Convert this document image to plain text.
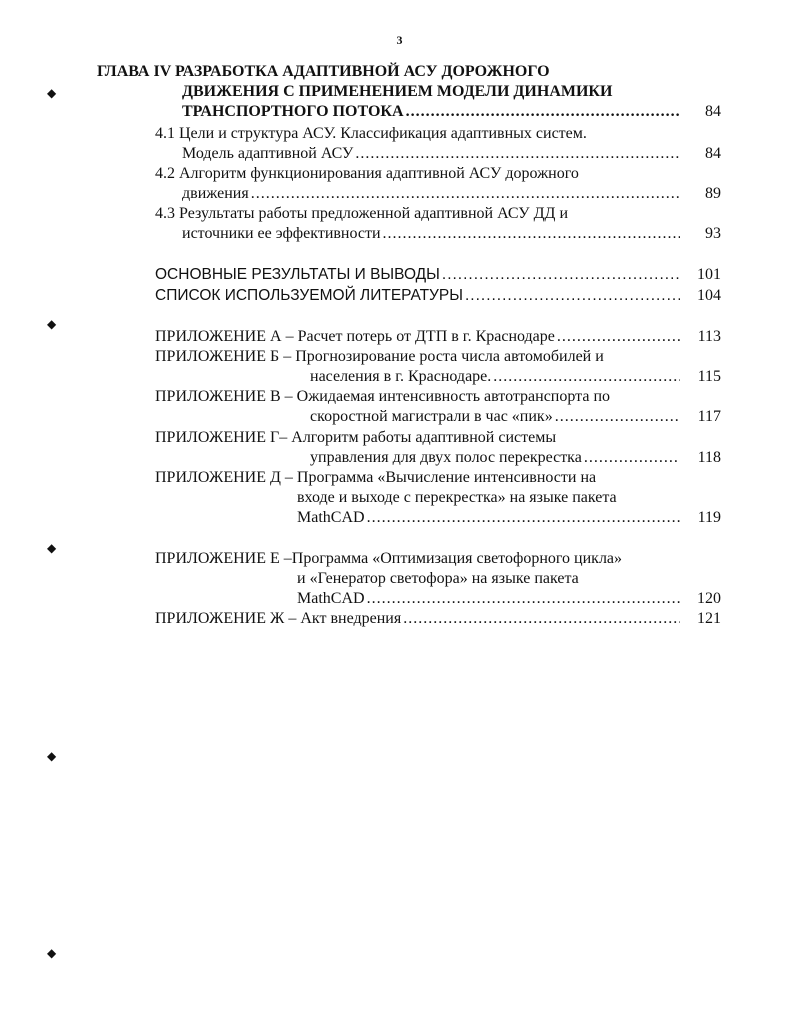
3
◆
◆
◆
◆
◆
ГЛАВА IV РАЗРАБОТКА АДАПТИВНОЙ АСУ ДОРОЖНОГО
ДВИЖЕНИЯ С ПРИМЕНЕНИЕМ МОДЕЛИ ДИНАМИКИ
ТРАНСПОРТНОГО ПОТОКА .....	84
4.1 Цели и структура АСУ. Классификация адаптивных систем.
Модель адаптивной АСУ .....	84
4.2 Алгоритм функционирования адаптивной АСУ дорожного
движения .....	89
4.3 Результаты работы предложенной адаптивной АСУ ДД и
источники ее эффективности .....	93
ОСНОВНЫЕ РЕЗУЛЬТАТЫ И ВЫВОДЫ .....	101
СПИСОК ИСПОЛЬЗУЕМОЙ ЛИТЕРАТУРЫ .....	104
ПРИЛОЖЕНИЕ А – Расчет потерь от ДТП в г. Краснодаре .....	113
ПРИЛОЖЕНИЕ Б – Прогнозирование роста числа автомобилей и
населения в г. Краснодаре. .....	115
ПРИЛОЖЕНИЕ В – Ожидаемая интенсивность автотранспорта по
скоростной магистрали в час «пик» .....	117
ПРИЛОЖЕНИЕ Г– Алгоритм работы адаптивной системы
управления для двух полос перекрестка .....	118
ПРИЛОЖЕНИЕ Д – Программа «Вычисление интенсивности на
входе и выходе с перекрестка» на языке пакета
MathCAD .....	119
ПРИЛОЖЕНИЕ Е –Программа «Оптимизация светофорного цикла»
и «Генератор светофора» на языке пакета
MathCAD .....	120
ПРИЛОЖЕНИЕ Ж – Акт внедрения .....	121
